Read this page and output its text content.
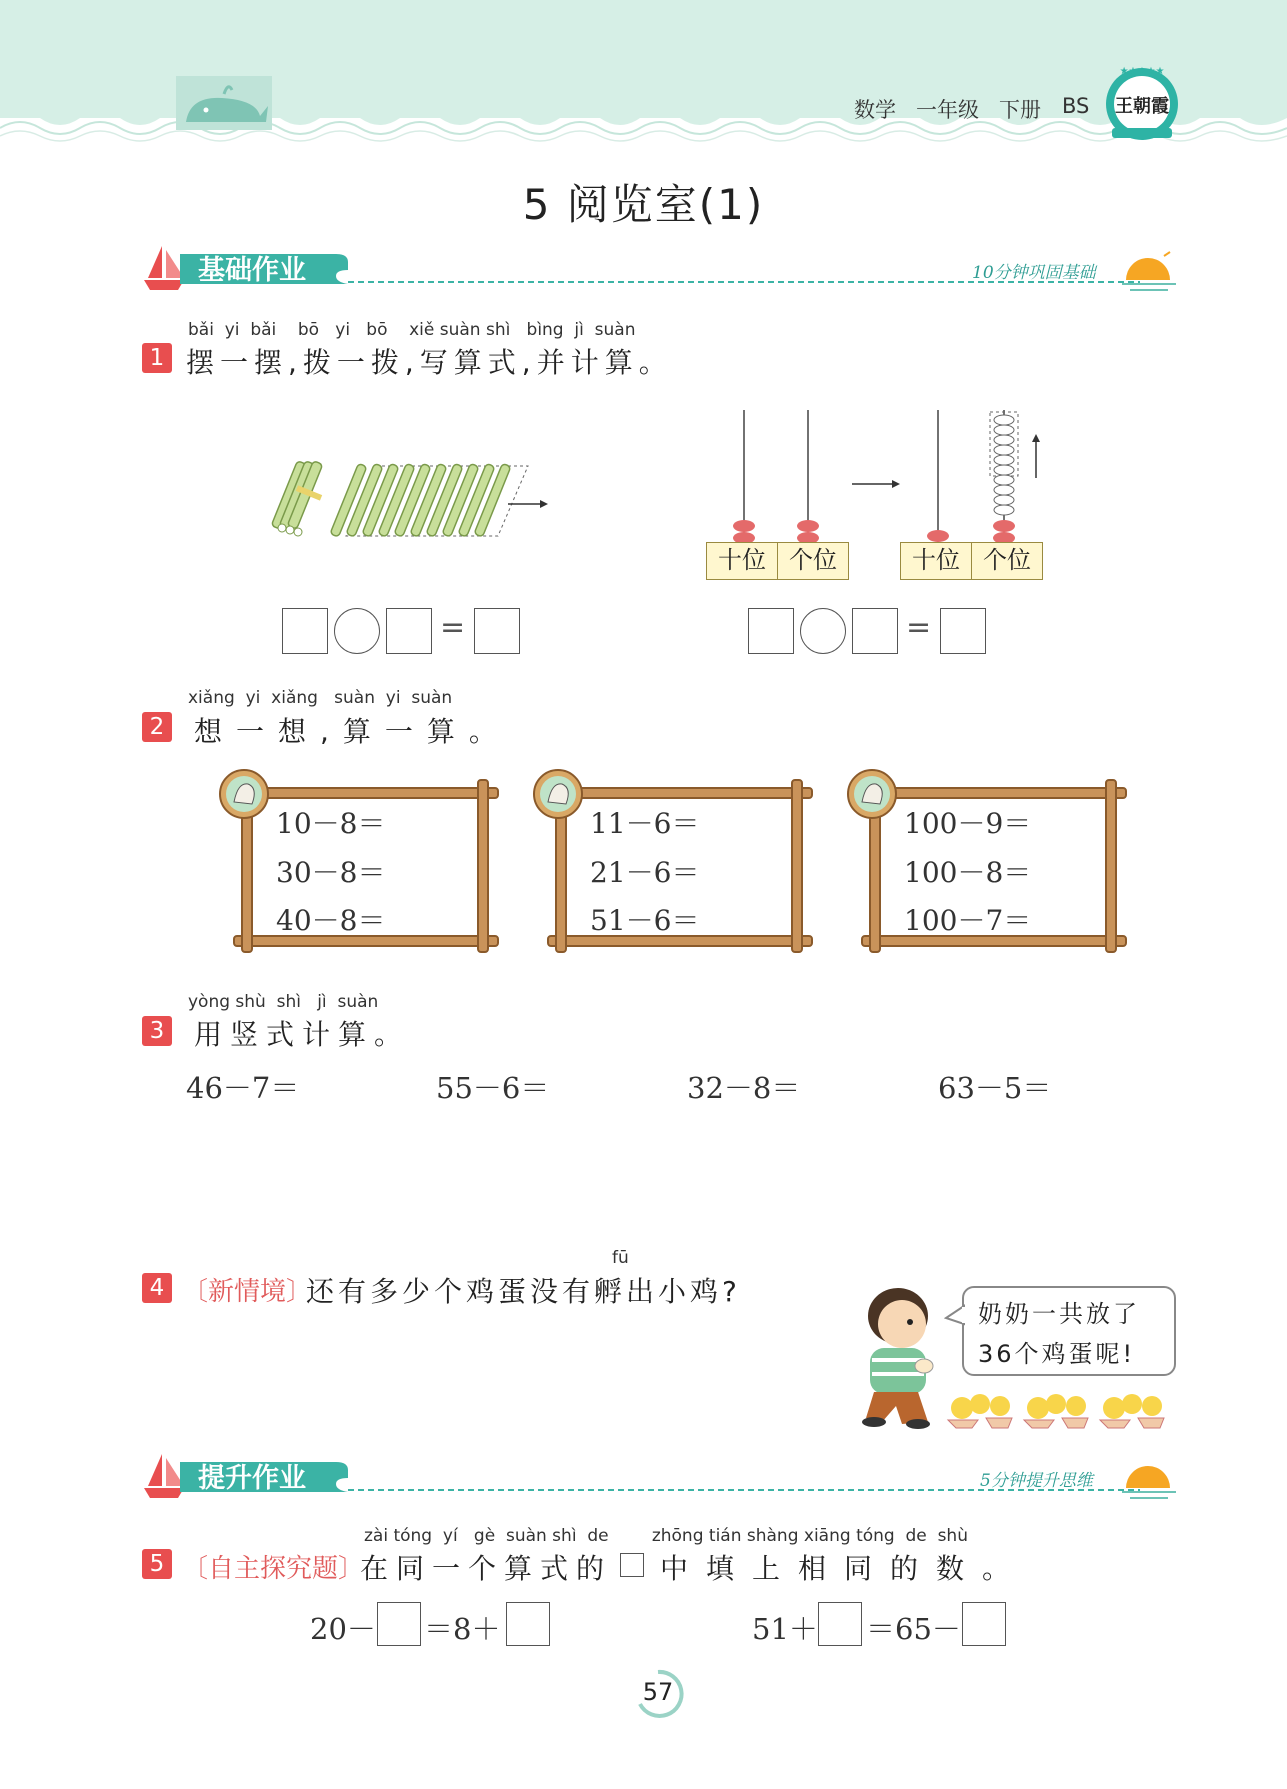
数学 一年级 下册 BS
★★★★★
王朝霞
5 阅览室(1)
基础作业	10分钟巩固基础
bǎi  yi  bǎi    bō   yi   bō    xiě suàn shì   bìng  jì  suàn
1 摆一摆,拨一拨,写算式,并计算。
十位 个位	十位 个位
=	=
xiǎng  yi  xiǎng   suàn  yi  suàn
2 想一想,算一算。
10－8＝
30－8＝
40－8＝
11－6＝
21－6＝
51－6＝
100－9＝
100－8＝
100－7＝
yòng shù  shì   jì  suàn
3 用竖式计算。
46－7＝	55－6＝	32－8＝	63－5＝
fū
4 〔新情境〕
还有多少个鸡蛋没有孵出小鸡?
奶奶一共放了
36个鸡蛋呢!
提升作业	5分钟提升思维
zài tóng  yí   gè  suàn shì  de        zhōng tián shàng xiāng tóng  de  shù
5 〔自主探究题〕
在同一个算式的 中填上相同的数。
20－ ＝8＋	51＋ ＝65－
57
